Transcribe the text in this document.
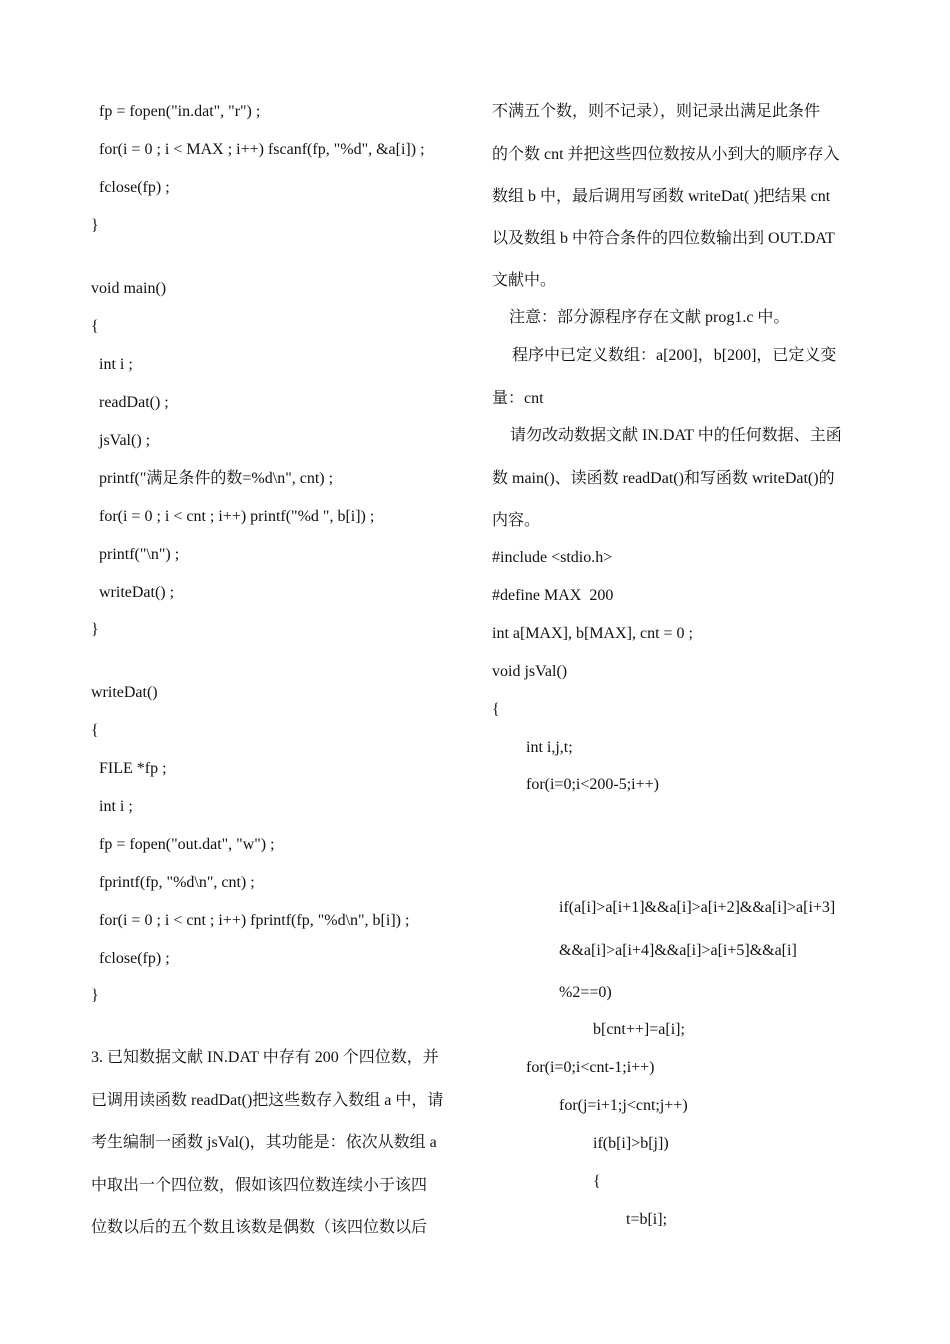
fp = fopen("in.dat", "r") ;
for(i = 0 ; i < MAX ; i++) fscanf(fp, "%d", &a[i]) ;
fclose(fp) ;
}
void main()
{
int i ;
readDat() ;
jsVal() ;
printf("满足条件的数=%d\n", cnt) ;
for(i = 0 ; i < cnt ; i++) printf("%d ", b[i]) ;
printf("\n") ;
writeDat() ;
}
writeDat()
{
FILE *fp ;
int i ;
fp = fopen("out.dat", "w") ;
fprintf(fp, "%d\n", cnt) ;
for(i = 0 ; i < cnt ; i++) fprintf(fp, "%d\n", b[i]) ;
fclose(fp) ;
}
3. 已知数据文献 IN.DAT 中存有 200 个四位数，并
已调用读函数 readDat()把这些数存入数组 a 中，请
考生编制一函数 jsVal()，其功能是：依次从数组 a
中取出一个四位数，假如该四位数连续小于该四
位数以后的五个数且该数是偶数（该四位数以后
不满五个数，则不记录），则记录出满足此条件
的个数 cnt 并把这些四位数按从小到大的顺序存入
数组 b 中，最后调用写函数 writeDat( )把结果 cnt
以及数组 b 中符合条件的四位数输出到 OUT.DAT
文献中。
注意：部分源程序存在文献 prog1.c 中。
程序中已定义数组：a[200]，b[200]，已定义变
量：cnt
请勿改动数据文献 IN.DAT 中的任何数据、主函
数 main()、读函数 readDat()和写函数 writeDat()的
内容。
#include <stdio.h>
#define MAX  200
int a[MAX], b[MAX], cnt = 0 ;
void jsVal()
{
int i,j,t;
for(i=0;i<200-5;i++)
if(a[i]>a[i+1]&&a[i]>a[i+2]&&a[i]>a[i+3]
&&a[i]>a[i+4]&&a[i]>a[i+5]&&a[i]
%2==0)
b[cnt++]=a[i];
for(i=0;i<cnt-1;i++)
for(j=i+1;j<cnt;j++)
if(b[i]>b[j])
{
t=b[i];
